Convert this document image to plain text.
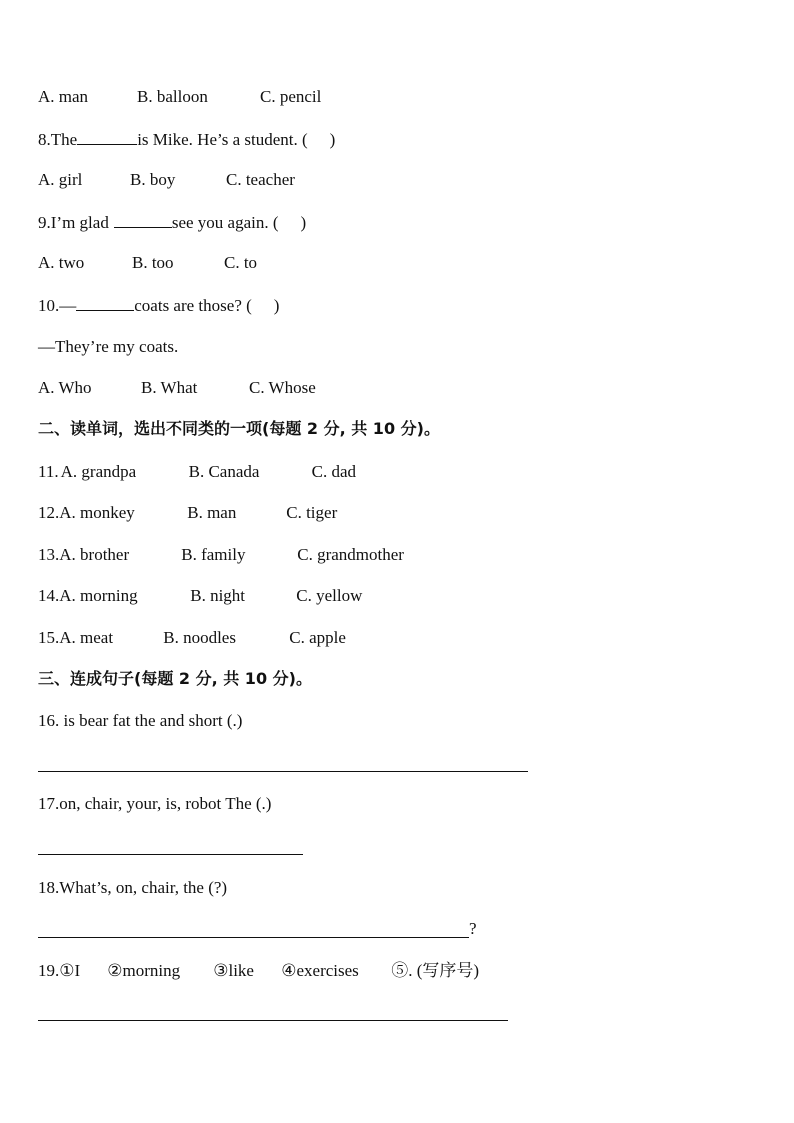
A. man	B. balloon	C. pencil
8.The	is Mike. He’s a student. ( )
A. girl	B. boy	C. teacher
9.I’m glad	see you again. ( )
A. two	B. too	C. to
10.—	coats are those? ( )
—They’re my coats.
A. Who	B. What	C. Whose
二、读单词，选出不同类的一项(每题 2 分, 共 10 分)。
11. A. grandpa	B. Canada	C. dad
12.A. monkey	B. man	C. tiger
13.A. brother	B. family	C. grandmother
14.A. morning	B. night	C. yellow
15.A. meat	B. noodles	C. apple
三、连成句子(每题 2 分, 共 10 分)。
16. is bear fat the and short (.)
17.on, chair, your, is, robot The (.)
18.What’s, on, chair, the (?)
?
19.①I ②morning ③like ④exercises ⑤. (写序号)
